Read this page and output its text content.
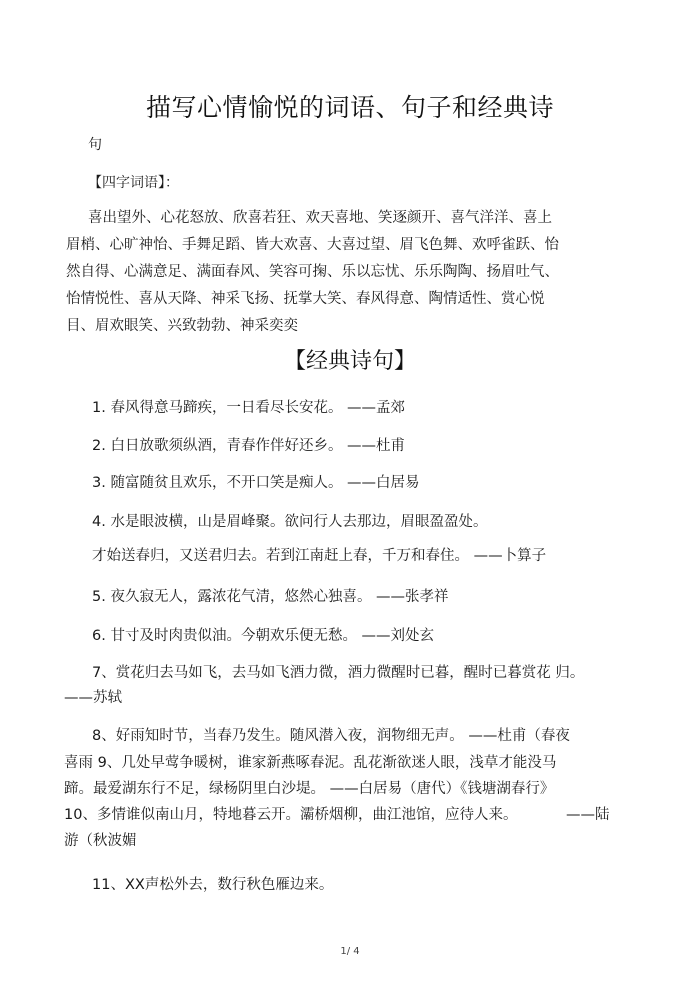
描写心情愉悦的词语、句子和经典诗
句
【四字词语】：
喜出望外、心花怒放、欣喜若狂、欢天喜地、笑逐颜开、喜气洋洋、喜上
眉梢、心旷神怡、手舞足蹈、皆大欢喜、大喜过望、眉飞色舞、欢呼雀跃、怡
然自得、心满意足、满面春风、笑容可掬、乐以忘忧、乐乐陶陶、扬眉吐气、
怡情悦性、喜从天降、神采飞扬、抚掌大笑、春风得意、陶情适性、赏心悦
目、眉欢眼笑、兴致勃勃、神采奕奕
【经典诗句】
1. 春风得意马蹄疾，一日看尽长安花。 ——孟郊
2. 白日放歌须纵酒，青春作伴好还乡。 ——杜甫
3. 随富随贫且欢乐，不开口笑是痴人。 ——白居易
4. 水是眼波横，山是眉峰聚。欲问行人去那边，眉眼盈盈处。
才始送春归，又送君归去。若到江南赶上春，千万和春住。 ——卜算子
5. 夜久寂无人，露浓花气清，悠然心独喜。 ——张孝祥
6. 甘寸及时肉贵似油。今朝欢乐便无愁。 ——刘处玄
7、赏花归去马如飞，去马如飞酒力微，酒力微醒时已暮，醒时已暮赏花 归。
——苏轼
8、好雨知时节，当春乃发生。随风潜入夜，润物细无声。 ——杜甫（春夜
喜雨 9、几处早莺争暖树，谁家新燕啄春泥。乱花渐欲迷人眼，浅草才能没马
蹄。最爱湖东行不足，绿杨阴里白沙堤。 ——白居易（唐代）《钱塘湖春行》
10、多情谁似南山月，特地暮云开。灞桥烟柳，曲江池馆，应待人来。	——陆
游（秋波媚
11、XX声松外去，数行秋色雁边来。
1/ 4
